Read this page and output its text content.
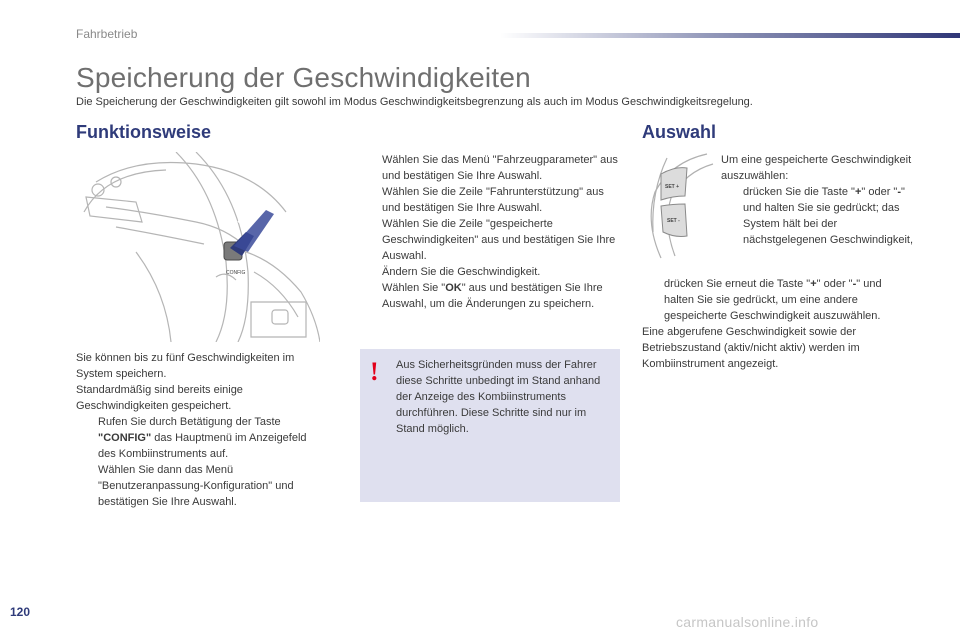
Fahrbetrieb
Speicherung der Geschwindigkeiten
Die Speicherung der Geschwindigkeiten gilt sowohl im Modus Geschwindigkeitsbegrenzung als auch im Modus Geschwindigkeitsregelung.
Funktionsweise	Auswahl
CONFIG
SET +
SET -

Sie können bis zu fünf Geschwindigkeiten im System speichern.

Standardmäßig sind bereits einige Geschwindigkeiten gespeichert.

Rufen Sie durch Betätigung der Taste "CONFIG" das Hauptmenü im Anzeigefeld des Kombiinstruments auf.
Wählen Sie dann das Menü "Benutzeranpassung-Konfiguration" und bestätigen Sie Ihre Auswahl.
Wählen Sie das Menü "Fahrzeugparameter" aus und bestätigen Sie Ihre Auswahl.
Wählen Sie die Zeile "Fahrunterstützung" aus und bestätigen Sie Ihre Auswahl.
Wählen Sie die Zeile "gespeicherte Geschwindigkeiten" aus und bestätigen Sie Ihre Auswahl.
Ändern Sie die Geschwindigkeit.
Wählen Sie "OK" aus und bestätigen Sie Ihre Auswahl, um die Änderungen zu speichern.
! Aus Sicherheitsgründen muss der Fahrer diese Schritte unbedingt im Stand anhand der Anzeige des Kombiinstruments durchführen. Diese Schritte sind nur im Stand möglich.

Um eine gespeicherte Geschwindigkeit auszuwählen:

drücken Sie die Taste "+" oder "-" und halten Sie sie gedrückt; das System hält bei der nächstgelegenen Geschwindigkeit,
drücken Sie erneut die Taste "+" oder "-" und halten Sie sie gedrückt, um eine andere gespeicherte Geschwindigkeit auszuwählen.

Eine abgerufene Geschwindigkeit sowie der Betriebszustand (aktiv/nicht aktiv) werden im Kombiinstrument angezeigt.

120
carmanualsonline.info
